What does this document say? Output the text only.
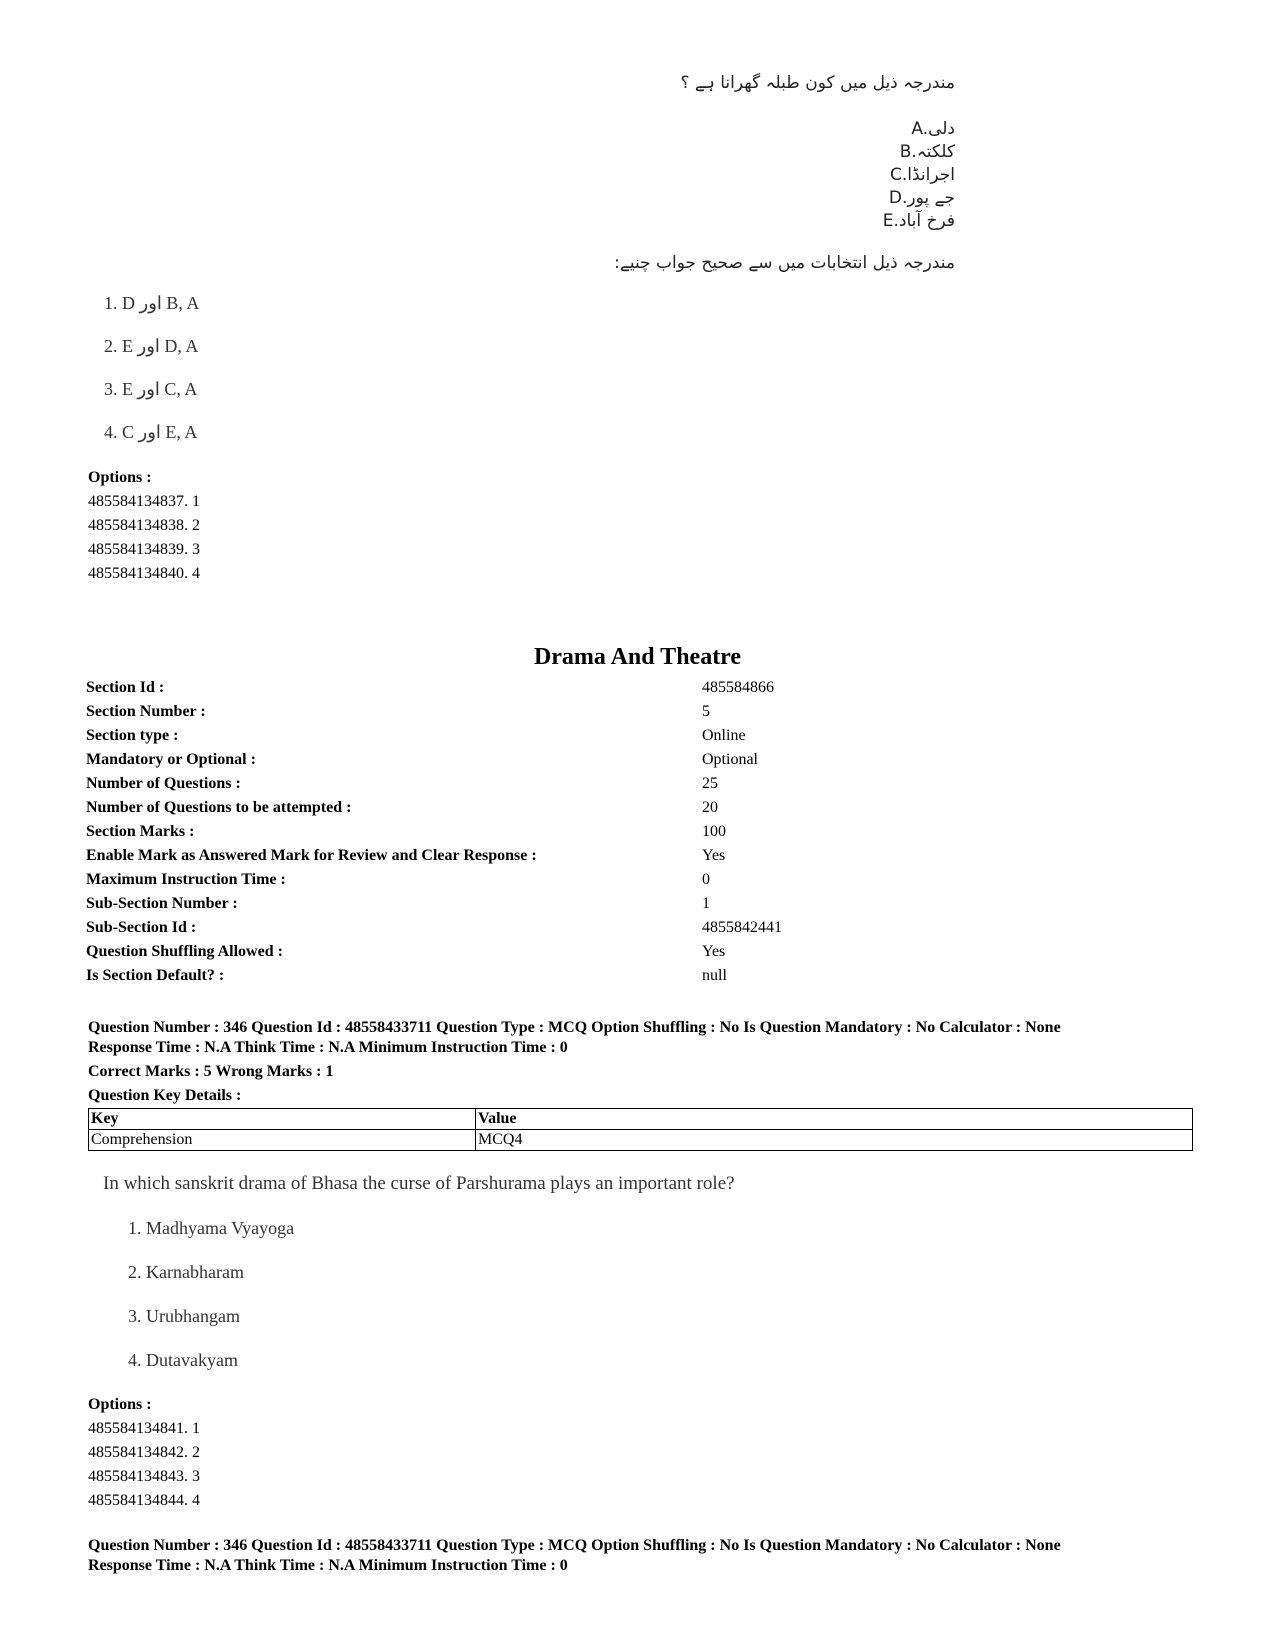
مندرجہ ذیل میں کون طبلہ گھرانا ہے ؟
دلیA.
کلکتہB.
اجرانڈاC.
جے پورD.
فرخ آبادE.
مندرجہ ذیل انتخابات میں سے صحیح جواب چنیے:
1. D اور B, A
2. E اور D, A
3. E اور C, A
4. C اور E, A
Options :
485584134837. 1
485584134838. 2
485584134839. 3
485584134840. 4
Drama And Theatre
Section Id :	485584866
Section Number :	5
Section type :	Online
Mandatory or Optional :	Optional
Number of Questions :	25
Number of Questions to be attempted :	20
Section Marks :	100
Enable Mark as Answered Mark for Review and Clear Response :	Yes
Maximum Instruction Time :	0
Sub-Section Number :	1
Sub-Section Id :	4855842441
Question Shuffling Allowed :	Yes
Is Section Default? :	null
Question Number : 346 Question Id : 48558433711 Question Type : MCQ Option Shuffling : No Is Question Mandatory : No Calculator : None
Response Time : N.A Think Time : N.A Minimum Instruction Time : 0
Correct Marks : 5 Wrong Marks : 1
Question Key Details :
Key	Value
Comprehension	MCQ4
In which sanskrit drama of Bhasa the curse of Parshurama plays an important role?
1. Madhyama Vyayoga
2. Karnabharam
3. Urubhangam
4. Dutavakyam
Options :
485584134841. 1
485584134842. 2
485584134843. 3
485584134844. 4
Question Number : 346 Question Id : 48558433711 Question Type : MCQ Option Shuffling : No Is Question Mandatory : No Calculator : None
Response Time : N.A Think Time : N.A Minimum Instruction Time : 0
